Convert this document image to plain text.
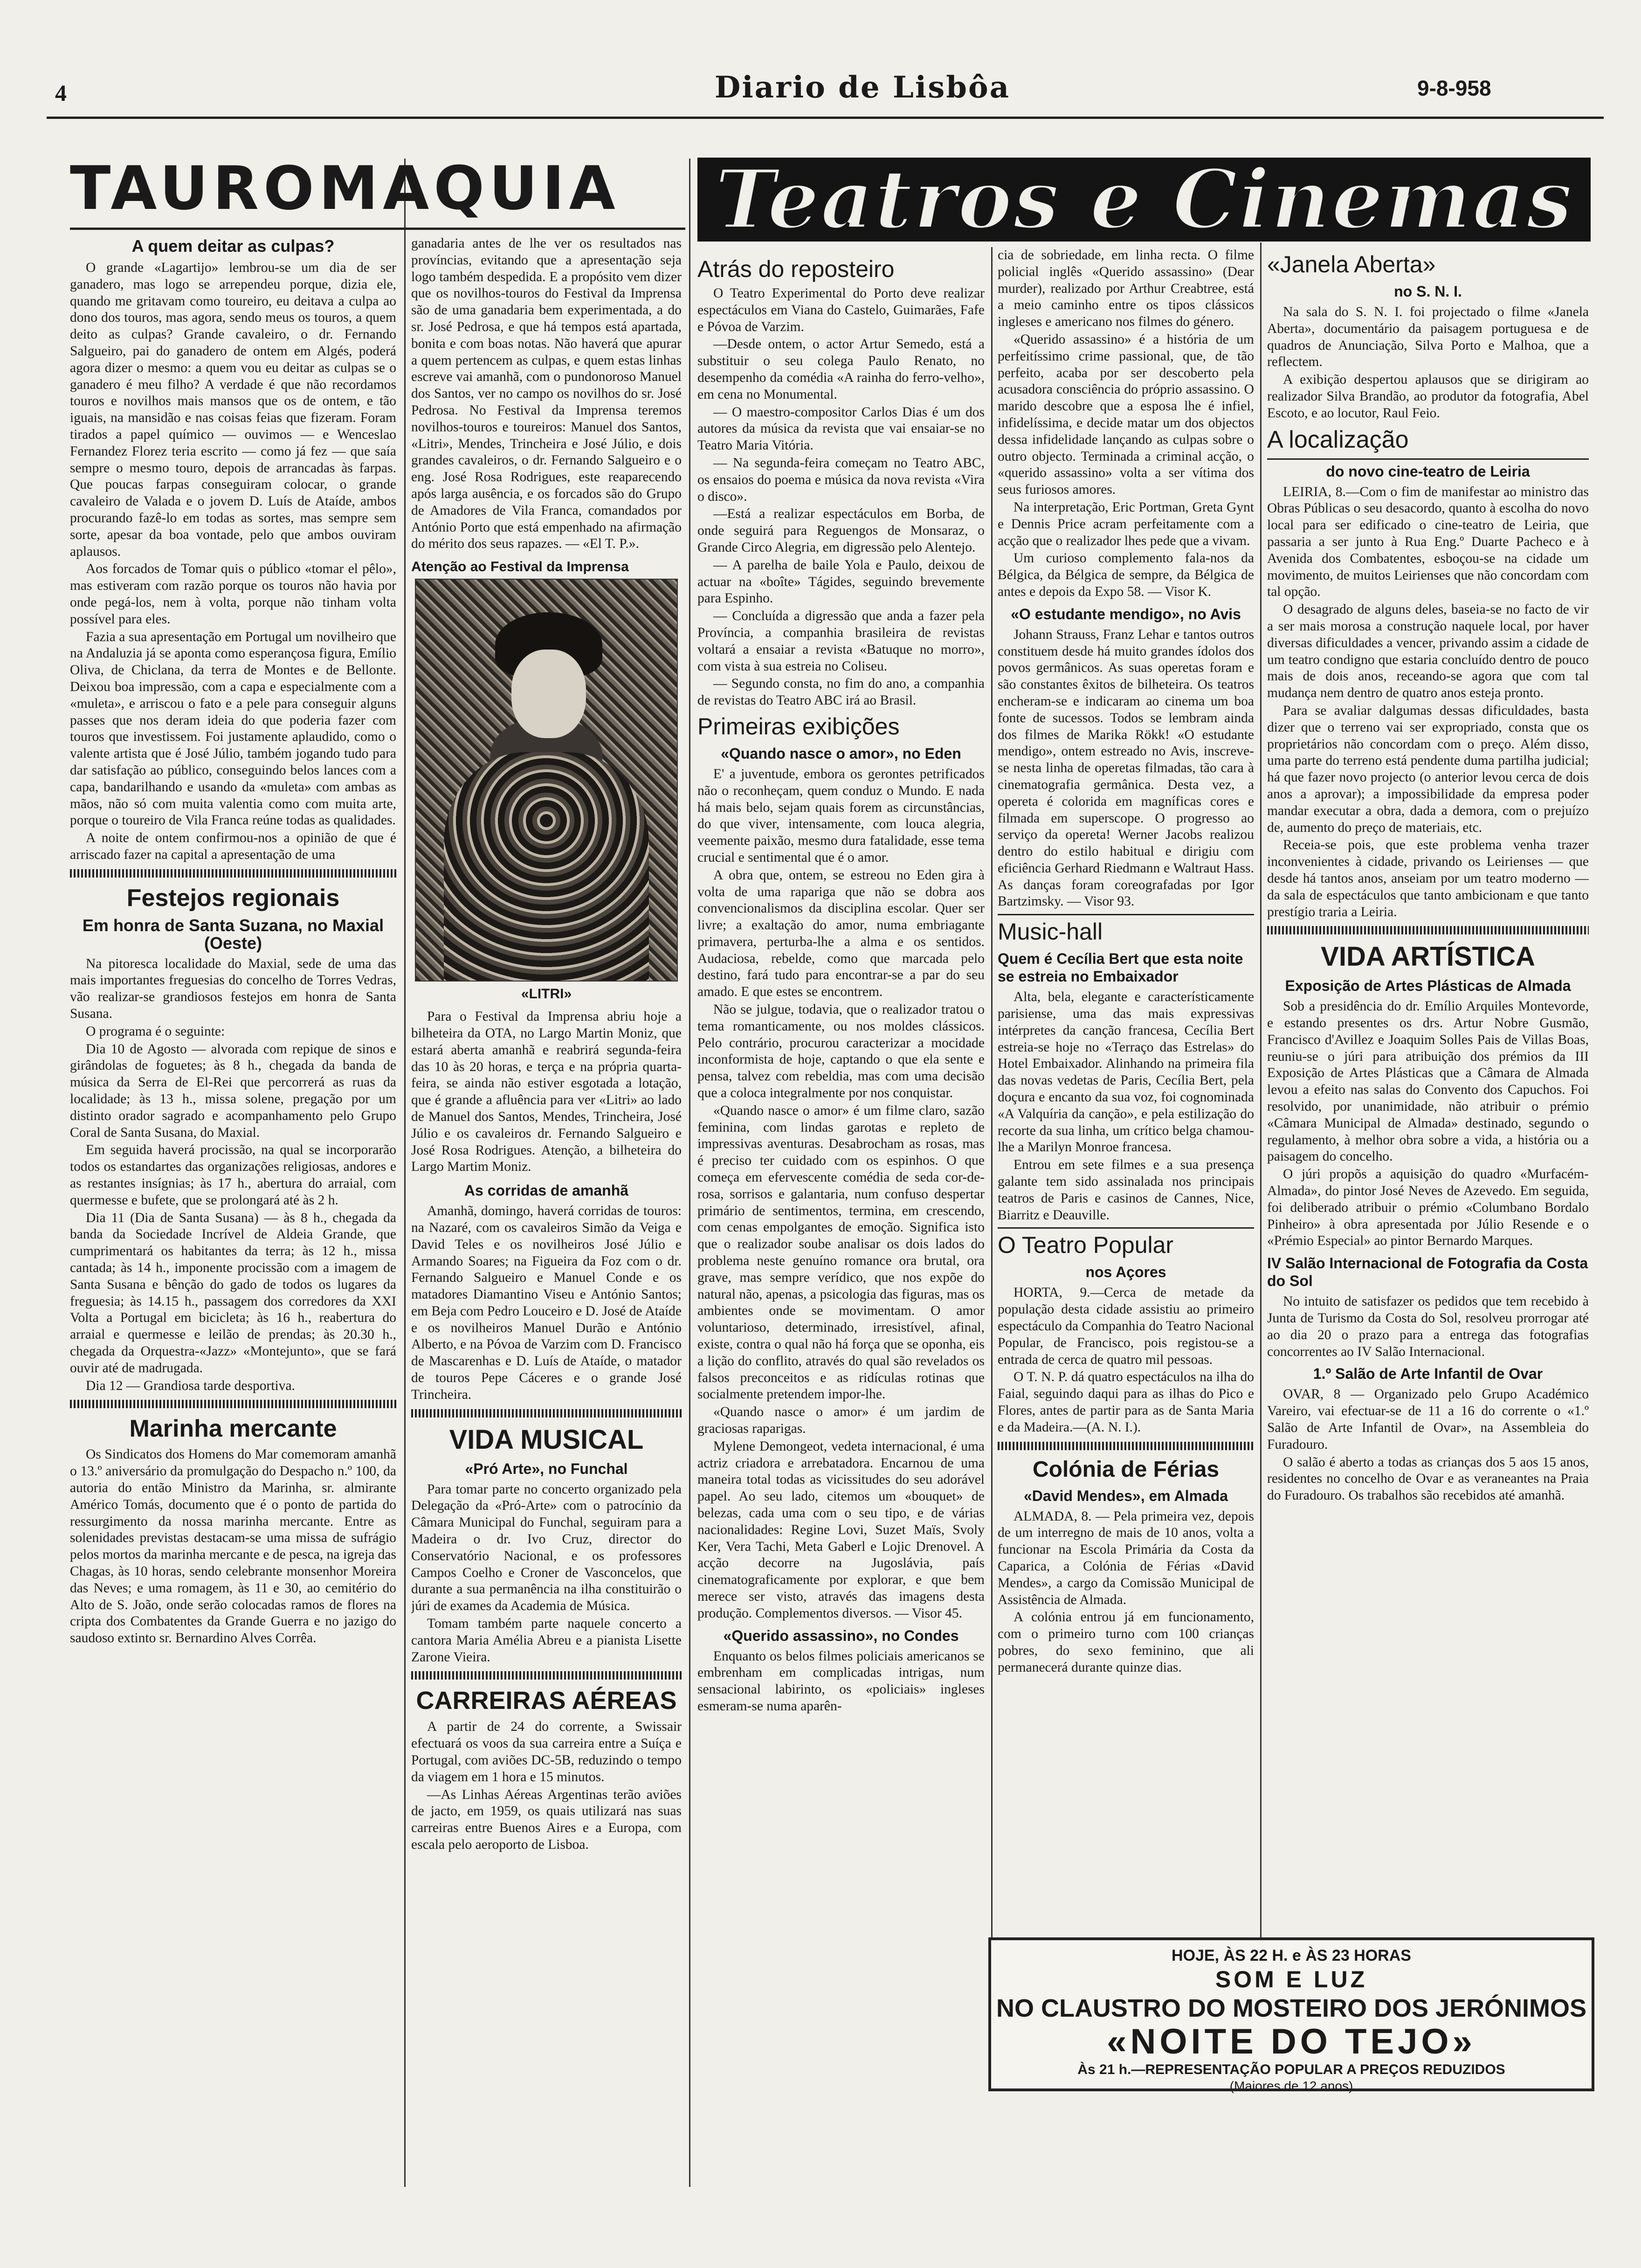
4	Diario de Lisbôa	9-8-958
TAUROMAQUIA	Teatros e Cinemas
A quem deitar as culpas?

O grande «Lagartijo» lembrou-se um dia de ser ganadero, mas logo se arrependeu porque, dizia ele, quando me gritavam como toureiro, eu deitava a culpa ao dono dos touros, mas agora, sendo meus os touros, a quem deito as culpas? Grande cavaleiro, o dr. Fernando Salgueiro, pai do ganadero de ontem em Algés, poderá agora dizer o mesmo: a quem vou eu deitar as culpas se o ganadero é meu filho? A verdade é que não recordamos touros e novilhos mais mansos que os de ontem, e tão iguais, na mansidão e nas coisas feias que fizeram. Foram tirados a papel químico — ouvimos — e Wenceslao Fernandez Florez teria escrito — como já fez — que saía sempre o mesmo touro, depois de arrancadas às farpas. Que poucas farpas conseguiram colocar, o grande cavaleiro de Valada e o jovem D. Luís de Ataíde, ambos procurando fazê-lo em todas as sortes, mas sempre sem sorte, apesar da boa vontade, pelo que ambos ouviram aplausos.

Aos forcados de Tomar quis o público «tomar el pêlo», mas estiveram com razão porque os touros não havia por onde pegá-los, nem à volta, porque não tinham volta possível para eles.

Fazia a sua apresentação em Portugal um novilheiro que na Andaluzia já se aponta como esperançosa figura, Emílio Oliva, de Chiclana, da terra de Montes e de Bellonte. Deixou boa impressão, com a capa e especialmente com a «muleta», e arriscou o fato e a pele para conseguir alguns passes que nos deram ideia do que poderia fazer com touros que investissem. Foi justamente aplaudido, como o valente artista que é José Júlio, também jogando tudo para dar satisfação ao público, conseguindo belos lances com a capa, bandarilhando e usando da «muleta» com ambas as mãos, não só com muita valentia como com muita arte, porque o toureiro de Vila Franca reúne todas as qualidades.

A noite de ontem confirmou-nos a opinião de que é arriscado fazer na capital a apresentação de uma

Festejos regionais
Em honra de Santa Suzana, no Maxial (Oeste)

Na pitoresca localidade do Maxial, sede de uma das mais importantes freguesias do concelho de Torres Vedras, vão realizar-se grandiosos festejos em honra de Santa Susana.

O programa é o seguinte:

Dia 10 de Agosto — alvorada com repique de sinos e girândolas de foguetes; às 8 h., chegada da banda de música da Serra de El-Rei que percorrerá as ruas da localidade; às 13 h., missa solene, pregação por um distinto orador sagrado e acompanhamento pelo Grupo Coral de Santa Susana, do Maxial.

Em seguida haverá procissão, na qual se incorporarão todos os estandartes das organizações religiosas, andores e as restantes insígnias; às 17 h., abertura do arraial, com quermesse e bufete, que se prolongará até às 2 h.

Dia 11 (Dia de Santa Susana) — às 8 h., chegada da banda da Sociedade Incrível de Aldeia Grande, que cumprimentará os habitantes da terra; às 12 h., missa cantada; às 14 h., imponente procissão com a imagem de Santa Susana e bênção do gado de todos os lugares da freguesia; às 14.15 h., passagem dos corredores da XXI Volta a Portugal em bicicleta; às 16 h., reabertura do arraial e quermesse e leilão de prendas; às 20.30 h., chegada da Orquestra-«Jazz» «Montejunto», que se fará ouvir até de madrugada.

Dia 12 — Grandiosa tarde desportiva.

Marinha mercante

Os Sindicatos dos Homens do Mar comemoram amanhã o 13.º aniversário da promulgação do Despacho n.º 100, da autoria do então Ministro da Marinha, sr. almirante Américo Tomás, documento que é o ponto de partida do ressurgimento da nossa marinha mercante. Entre as solenidades previstas destacam-se uma missa de sufrágio pelos mortos da marinha mercante e de pesca, na igreja das Chagas, às 10 horas, sendo celebrante monsenhor Moreira das Neves; e uma romagem, às 11 e 30, ao cemitério do Alto de S. João, onde serão colocadas ramos de flores na cripta dos Combatentes da Grande Guerra e no jazigo do saudoso extinto sr. Bernardino Alves Corrêa.

ganadaria antes de lhe ver os resultados nas províncias, evitando que a apresentação seja logo também despedida. E a propósito vem dizer que os novilhos-touros do Festival da Imprensa são de uma ganadaria bem experimentada, a do sr. José Pedrosa, e que há tempos está apartada, bonita e com boas notas. Não haverá que apurar a quem pertencem as culpas, e quem estas linhas escreve vai amanhã, com o pundonoroso Manuel dos Santos, ver no campo os novilhos do sr. José Pedrosa. No Festival da Imprensa teremos novilhos-touros e toureiros: Manuel dos Santos, «Litri», Mendes, Trincheira e José Júlio, e dois grandes cavaleiros, o dr. Fernando Salgueiro e o eng. José Rosa Rodrigues, este reaparecendo após larga ausência, e os forcados são do Grupo de Amadores de Vila Franca, comandados por António Porto que está empenhado na afirmação do mérito dos seus rapazes. — «El T. P.».

Atenção ao Festival da Imprensa
«LITRI»

Para o Festival da Imprensa abriu hoje a bilheteira da OTA, no Largo Martin Moniz, que estará aberta amanhã e reabrirá segunda-feira das 10 às 20 horas, e terça e na própria quarta-feira, se ainda não estiver esgotada a lotação, que é grande a afluência para ver «Litri» ao lado de Manuel dos Santos, Mendes, Trincheira, José Júlio e os cavaleiros dr. Fernando Salgueiro e José Rosa Rodrigues. Atenção, a bilheteira do Largo Martim Moniz.

As corridas de amanhã

Amanhã, domingo, haverá corridas de touros: na Nazaré, com os cavaleiros Simão da Veiga e David Teles e os novilheiros José Júlio e Armando Soares; na Figueira da Foz com o dr. Fernando Salgueiro e Manuel Conde e os matadores Diamantino Viseu e António Santos; em Beja com Pedro Louceiro e D. José de Ataíde e os novilheiros Manuel Durão e António Alberto, e na Póvoa de Varzim com D. Francisco de Mascarenhas e D. Luís de Ataíde, o matador de touros Pepe Cáceres e o grande José Trincheira.

VIDA MUSICAL
«Pró Arte», no Funchal

Para tomar parte no concerto organizado pela Delegação da «Pró-Arte» com o patrocínio da Câmara Municipal do Funchal, seguiram para a Madeira o dr. Ivo Cruz, director do Conservatório Nacional, e os professores Campos Coelho e Croner de Vasconcelos, que durante a sua permanência na ilha constituirão o júri de exames da Academia de Música.

Tomam também parte naquele concerto a cantora Maria Amélia Abreu e a pianista Lisette Zarone Vieira.

CARREIRAS AÉREAS

A partir de 24 do corrente, a Swissair efectuará os voos da sua carreira entre a Suíça e Portugal, com aviões DC-5B, reduzindo o tempo da viagem em 1 hora e 15 minutos.

—As Linhas Aéreas Argentinas terão aviões de jacto, em 1959, os quais utilizará nas suas carreiras entre Buenos Aires e a Europa, com escala pelo aeroporto de Lisboa.

Atrás do reposteiro

O Teatro Experimental do Porto deve realizar espectáculos em Viana do Castelo, Guimarães, Fafe e Póvoa de Varzim.

—Desde ontem, o actor Artur Semedo, está a substituir o seu colega Paulo Renato, no desempenho da comédia «A rainha do ferro-velho», em cena no Monumental.

— O maestro-compositor Carlos Dias é um dos autores da música da revista que vai ensaiar-se no Teatro Maria Vitória.

— Na segunda-feira começam no Teatro ABC, os ensaios do poema e música da nova revista «Vira o disco».

—Está a realizar espectáculos em Borba, de onde seguirá para Reguengos de Monsaraz, o Grande Circo Alegria, em digressão pelo Alentejo.

— A parelha de baile Yola e Paulo, deixou de actuar na «boîte» Tágides, seguindo brevemente para Espinho.

— Concluída a digressão que anda a fazer pela Província, a companhia brasileira de revistas voltará a ensaiar a revista «Batuque no morro», com vista à sua estreia no Coliseu.

— Segundo consta, no fim do ano, a companhia de revistas do Teatro ABC irá ao Brasil.

Primeiras exibições
«Quando nasce o amor», no Eden

E' a juventude, embora os gerontes petrificados não o reconheçam, quem conduz o Mundo. E nada há mais belo, sejam quais forem as circunstâncias, do que viver, intensamente, com louca alegria, veemente paixão, mesmo dura fatalidade, esse tema crucial e sentimental que é o amor.

A obra que, ontem, se estreou no Eden gira à volta de uma rapariga que não se dobra aos convencionalismos da disciplina escolar. Quer ser livre; a exaltação do amor, numa embriagante primavera, perturba-lhe a alma e os sentidos. Audaciosa, rebelde, como que marcada pelo destino, fará tudo para encontrar-se a par do seu amado. E que estes se encontrem.

Não se julgue, todavia, que o realizador tratou o tema romanticamente, ou nos moldes clássicos. Pelo contrário, procurou caracterizar a mocidade inconformista de hoje, captando o que ela sente e pensa, talvez com rebeldia, mas com uma decisão que a coloca integralmente por nos conquistar.

«Quando nasce o amor» é um filme claro, sazão feminina, com lindas garotas e repleto de impressivas aventuras. Desabrocham as rosas, mas é preciso ter cuidado com os espinhos. O que começa em efervescente comédia de seda cor-de-rosa, sorrisos e galantaria, num confuso despertar primário de sentimentos, termina, em crescendo, com cenas empolgantes de emoção. Significa isto que o realizador soube analisar os dois lados do problema neste genuíno romance ora brutal, ora grave, mas sempre verídico, que nos expõe do natural não, apenas, a psicologia das figuras, mas os ambientes onde se movimentam. O amor voluntarioso, determinado, irresistível, afinal, existe, contra o qual não há força que se oponha, eis a lição do conflito, através do qual são revelados os falsos preconceitos e as ridículas rotinas que socialmente pretendem impor-lhe.

«Quando nasce o amor» é um jardim de graciosas raparigas.

Mylene Demongeot, vedeta internacional, é uma actriz criadora e arrebatadora. Encarnou de uma maneira total todas as vicissitudes do seu adorável papel. Ao seu lado, citemos um «bouquet» de belezas, cada uma com o seu tipo, e de várias nacionalidades: Regine Lovi, Suzet Maïs, Svoly Ker, Vera Tachi, Meta Gaberl e Lojic Drenovel. A acção decorre na Jugoslávia, país cinematograficamente por explorar, e que bem merece ser visto, através das imagens desta produção. Complementos diversos. — Visor 45.

«Querido assassino», no Condes

Enquanto os belos filmes policiais americanos se embrenham em complicadas intrigas, num sensacional labirinto, os «policiais» ingleses esmeram-se numa aparên-

cia de sobriedade, em linha recta. O filme policial inglês «Querido assassino» (Dear murder), realizado por Arthur Creabtree, está a meio caminho entre os tipos clássicos ingleses e americano nos filmes do género.

«Querido assassino» é a história de um perfeitíssimo crime passional, que, de tão perfeito, acaba por ser descoberto pela acusadora consciência do próprio assassino. O marido descobre que a esposa lhe é infiel, infidelíssima, e decide matar um dos objectos dessa infidelidade lançando as culpas sobre o outro objecto. Terminada a criminal acção, o «querido assassino» volta a ser vítima dos seus furiosos amores.

Na interpretação, Eric Portman, Greta Gynt e Dennis Price acram perfeitamente com a acção que o realizador lhes pede que a vivam.

Um curioso complemento fala-nos da Bélgica, da Bélgica de sempre, da Bélgica de antes e depois da Expo 58. — Visor K.

«O estudante mendigo», no Avis

Johann Strauss, Franz Lehar e tantos outros constituem desde há muito grandes ídolos dos povos germânicos. As suas operetas foram e são constantes êxitos de bilheteira. Os teatros encheram-se e indicaram ao cinema um boa fonte de sucessos. Todos se lembram ainda dos filmes de Marika Rökk! «O estudante mendigo», ontem estreado no Avis, inscreve-se nesta linha de operetas filmadas, tão cara à cinematografia germânica. Desta vez, a opereta é colorida em magníficas cores e filmada em superscope. O progresso ao serviço da opereta! Werner Jacobs realizou dentro do estilo habitual e dirigiu com eficiência Gerhard Riedmann e Waltraut Hass. As danças foram coreografadas por Igor Bartzimsky. — Visor 93.

Music-hall
Quem é Cecília Bert que esta noite se estreia no Embaixador

Alta, bela, elegante e característicamente parisiense, uma das mais expressivas intérpretes da canção francesa, Cecília Bert estreia-se hoje no «Terraço das Estrelas» do Hotel Embaixador. Alinhando na primeira fila das novas vedetas de Paris, Cecília Bert, pela doçura e encanto da sua voz, foi cognominada «A Valquíria da canção», e pela estilização do recorte da sua linha, um crítico belga chamou-lhe a Marilyn Monroe francesa.

Entrou em sete filmes e a sua presença galante tem sido assinalada nos principais teatros de Paris e casinos de Cannes, Nice, Biarritz e Deauville.

O Teatro Popular
nos Açores

HORTA, 9.—Cerca de metade da população desta cidade assistiu ao primeiro espectáculo da Companhia do Teatro Nacional Popular, de Francisco, pois registou-se a entrada de cerca de quatro mil pessoas.

O T. N. P. dá quatro espectáculos na ilha do Faial, seguindo daqui para as ilhas do Pico e Flores, antes de partir para as de Santa Maria e da Madeira.—(A. N. I.).

Colónia de Férias
«David Mendes», em Almada

ALMADA, 8. — Pela primeira vez, depois de um interregno de mais de 10 anos, volta a funcionar na Escola Primária da Costa da Caparica, a Colónia de Férias «David Mendes», a cargo da Comissão Municipal de Assistência de Almada.

A colónia entrou já em funcionamento, com o primeiro turno com 100 crianças pobres, do sexo feminino, que ali permanecerá durante quinze dias.

«Janela Aberta»
no S. N. I.

Na sala do S. N. I. foi projectado o filme «Janela Aberta», documentário da paisagem portuguesa e de quadros de Anunciação, Silva Porto e Malhoa, que a reflectem.

A exibição despertou aplausos que se dirigiram ao realizador Silva Brandão, ao produtor da fotografia, Abel Escoto, e ao locutor, Raul Feio.

A localização
do novo cine-teatro de Leiria

LEIRIA, 8.—Com o fim de manifestar ao ministro das Obras Públicas o seu desacordo, quanto à escolha do novo local para ser edificado o cine-teatro de Leiria, que passaria a ser junto à Rua Eng.º Duarte Pacheco e à Avenida dos Combatentes, esboçou-se na cidade um movimento, de muitos Leirienses que não concordam com tal opção.

O desagrado de alguns deles, baseia-se no facto de vir a ser mais morosa a construção naquele local, por haver diversas dificuldades a vencer, privando assim a cidade de um teatro condigno que estaria concluído dentro de pouco mais de dois anos, receando-se agora que com tal mudança nem dentro de quatro anos esteja pronto.

Para se avaliar dalgumas dessas dificuldades, basta dizer que o terreno vai ser expropriado, consta que os proprietários não concordam com o preço. Além disso, uma parte do terreno está pendente duma partilha judicial; há que fazer novo projecto (o anterior levou cerca de dois anos a aprovar); a impossibilidade da empresa poder mandar executar a obra, dada a demora, com o prejuízo de, aumento do preço de materiais, etc.

Receia-se pois, que este problema venha trazer inconvenientes à cidade, privando os Leirienses — que desde há tantos anos, anseiam por um teatro moderno — da sala de espectáculos que tanto ambicionam e que tanto prestígio traria a Leiria.

VIDA ARTÍSTICA
Exposição de Artes Plásticas de Almada

Sob a presidência do dr. Emílio Arquiles Montevorde, e estando presentes os drs. Artur Nobre Gusmão, Francisco d'Avillez e Joaquim Solles Pais de Villas Boas, reuniu-se o júri para atribuição dos prémios da III Exposição de Artes Plásticas que a Câmara de Almada levou a efeito nas salas do Convento dos Capuchos. Foi resolvido, por unanimidade, não atribuir o prémio «Câmara Municipal de Almada» destinado, segundo o regulamento, à melhor obra sobre a vida, a história ou a paisagem do concelho.

O júri propõs a aquisição do quadro «Murfacém-Almada», do pintor José Neves de Azevedo. Em seguida, foi deliberado atribuir o prémio «Columbano Bordalo Pinheiro» à obra apresentada por Júlio Resende e o «Prémio Especial» ao pintor Bernardo Marques.

IV Salão Internacional de Fotografia da Costa do Sol

No intuito de satisfazer os pedidos que tem recebido à Junta de Turismo da Costa do Sol, resolveu prorrogar até ao dia 20 o prazo para a entrega das fotografias concorrentes ao IV Salão Internacional.

1.º Salão de Arte Infantil de Ovar

OVAR, 8 — Organizado pelo Grupo Académico Vareiro, vai efectuar-se de 11 a 16 do corrente o «1.º Salão de Arte Infantil de Ovar», na Assembleia do Furadouro.

O salão é aberto a todas as crianças dos 5 aos 15 anos, residentes no concelho de Ovar e as veraneantes na Praia do Furadouro. Os trabalhos são recebidos até amanhã.

HOJE, ÀS 22 H. e ÀS 23 HORAS
SOM E LUZ
NO CLAUSTRO DO MOSTEIRO DOS JERÓNIMOS
«NOITE DO TEJO»
Às 21 h.—REPRESENTAÇÃO POPULAR A PREÇOS REDUZIDOS
(Maiores de 12 anos)
